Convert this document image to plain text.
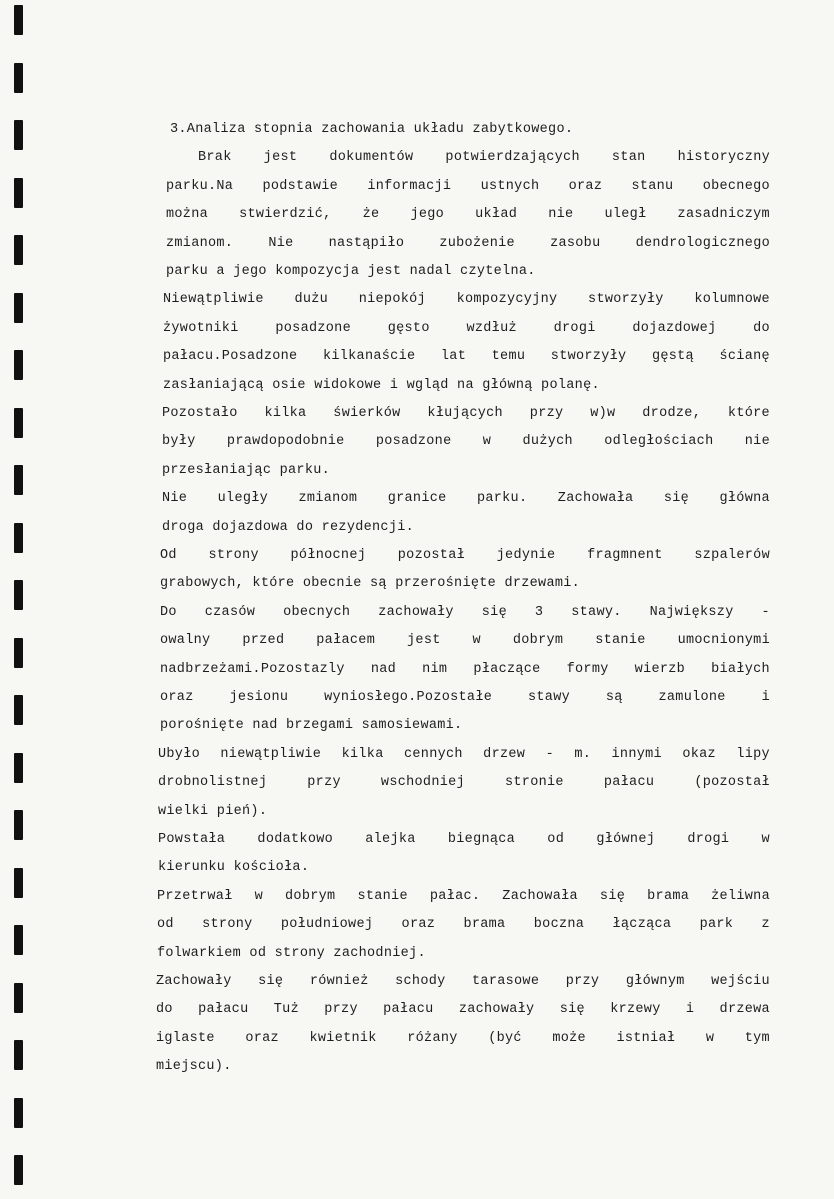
3.Analiza stopnia zachowania układu zabytkowego.
Brak jest dokumentów potwierdzających stan historyczny
parku.Na podstawie informacji ustnych oraz stanu obecnego
można stwierdzić, że jego układ nie uległ zasadniczym
zmianom.	Nie	nastąpiło	zubożenie	zasobu	dendrologicznego
parku a jego kompozycja jest nadal czytelna.
Niewątpliwie dużu niepokój kompozycyjny stworzyły kolumnowe
żywotniki	posadzone	gęsto	wzdłuż	drogi	dojazdowej	do
pałacu.Posadzone kilkanaście lat temu stworzyły gęstą ścianę
zasłaniającą osie widokowe i wgląd na główną polanę.
Pozostało kilka świerków kłujących przy w)w drodze, które
były prawdopodobnie posadzone w dużych odległościach nie
przesłaniając parku.
Nie uległy zmianom granice parku. Zachowała się główna
droga dojazdowa do rezydencji.
Od strony północnej pozostał jedynie fragmnent szpalerów
grabowych, które obecnie są przerośnięte drzewami.
Do czasów obecnych zachowały się 3 stawy. Największy -
owalny przed pałacem jest w dobrym stanie umocnionymi
nadbrzeżami.Pozostazly nad nim płaczące formy wierzb białych
oraz	jesionu	wyniosłego.Pozostałe	stawy	są	zamulone	i
porośnięte nad brzegami samosiewami.
Ubyło niewątpliwie kilka cennych drzew - m. innymi okaz lipy
drobnolistnej	przy	wschodniej	stronie	pałacu	(pozostał
wielki pień).
Powstała dodatkowo alejka biegnąca od głównej drogi w
kierunku kościoła.
Przetrwał w dobrym stanie pałac. Zachowała się brama żeliwna
od strony południowej oraz brama boczna łącząca park z
folwarkiem od strony zachodniej.
Zachowały się również schody tarasowe przy głównym wejściu
do pałacu Tuż przy pałacu zachowały się krzewy i drzewa
iglaste oraz kwietnik różany (być może istniał w tym
miejscu).
